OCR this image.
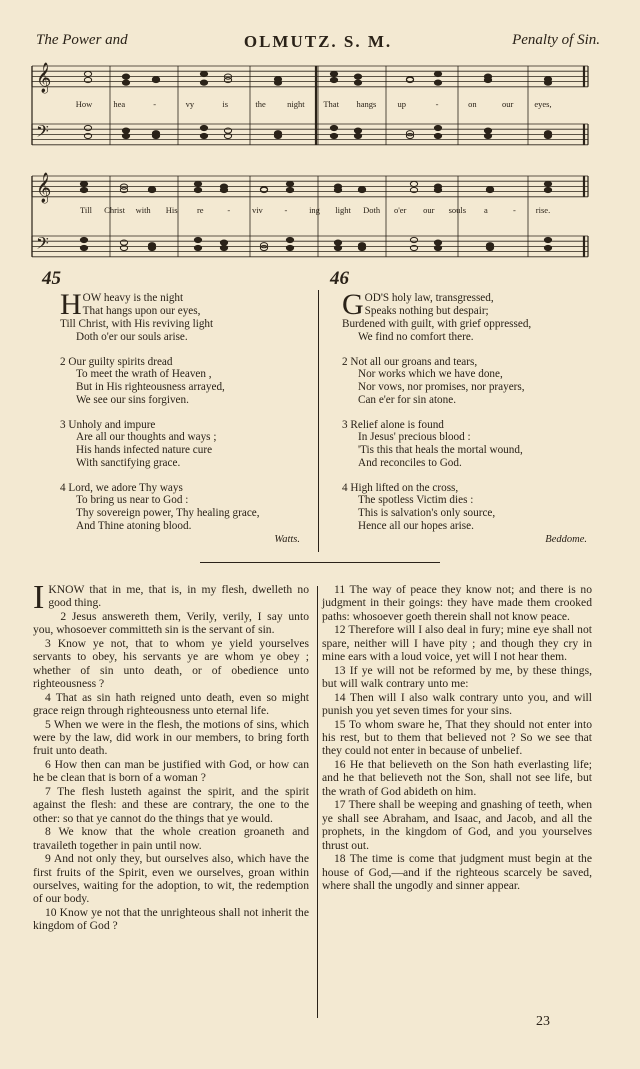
The Power and	OLMUTZ. S. M.	Penalty of Sin.
𝄞
𝄢
𝄞
𝄢
How hea	-	vy	is	the	night That hangs up	-	on	our eyes,
Till Christ with His re	-	viv	-	ing light Doth o'er our souls a	- rise.
45	46
H OW heavy is the night
That hangs upon our eyes,
Till Christ, with His reviving light
Doth o'er our souls arise.
2 Our guilty spirits dread
To meet the wrath of Heaven ,
But in His righteousness arrayed,
We see our sins forgiven.
3 Unholy and impure
Are all our thoughts and ways ;
His hands infected nature cure
With sanctifying grace.
4 Lord, we adore Thy ways
To bring us near to God :
Thy sovereign power, Thy healing grace,
And Thine atoning blood.
Watts.
G OD'S holy law, transgressed,
Speaks nothing but despair;
Burdened with guilt, with grief oppressed,
We find no comfort there.
2 Not all our groans and tears,
Nor works which we have done,
Nor vows, nor promises, nor prayers,
Can e'er for sin atone.
3 Relief alone is found
In Jesus' precious blood :
'Tis this that heals the mortal wound,
And reconciles to God.
4 High lifted on the cross,
The spotless Victim dies :
This is salvation's only source,
Hence all our hopes arise.
Beddome.

IKNOW that in me, that is, in my flesh, dwelleth no good thing.

2 Jesus answereth them, Verily, verily, I say unto you, whosoever committeth sin is the servant of sin.

3 Know ye not, that to whom ye yield yourselves servants to obey, his servants ye are whom ye obey ; whether of sin unto death, or of obedience unto righteousness ?

4 That as sin hath reigned unto death, even so might grace reign through righteousness unto eternal life.

5 When we were in the flesh, the motions of sins, which were by the law, did work in our members, to bring forth fruit unto death.

6 How then can man be justified with God, or how can he be clean that is born of a woman ?

7 The flesh lusteth against the spirit, and the spirit against the flesh: and these are contrary, the one to the other: so that ye cannot do the things that ye would.

8 We know that the whole creation groaneth and travaileth together in pain until now.

9 And not only they, but ourselves also, which have the first fruits of the Spirit, even we ourselves, groan within ourselves, waiting for the adoption, to wit, the redemption of our body.

10 Know ye not that the unrighteous shall not inherit the kingdom of God ?

11 The way of peace they know not; and there is no judgment in their goings: they have made them crooked paths: whosoever goeth therein shall not know peace.

12 Therefore will I also deal in fury; mine eye shall not spare, neither will I have pity ; and though they cry in mine ears with a loud voice, yet will I not hear them.

13 If ye will not be reformed by me, by these things, but will walk contrary unto me:

14 Then will I also walk contrary unto you, and will punish you yet seven times for your sins.

15 To whom sware he, That they should not enter into his rest, but to them that believed not ? So we see that they could not enter in because of unbelief.

16 He that believeth on the Son hath everlasting life; and he that believeth not the Son, shall not see life, but the wrath of God abideth on him.

17 There shall be weeping and gnashing of teeth, when ye shall see Abraham, and Isaac, and Jacob, and all the prophets, in the kingdom of God, and you yourselves thrust out.

18 The time is come that judgment must begin at the house of God,—and if the righteous scarcely be saved, where shall the ungodly and sinner appear.

23
